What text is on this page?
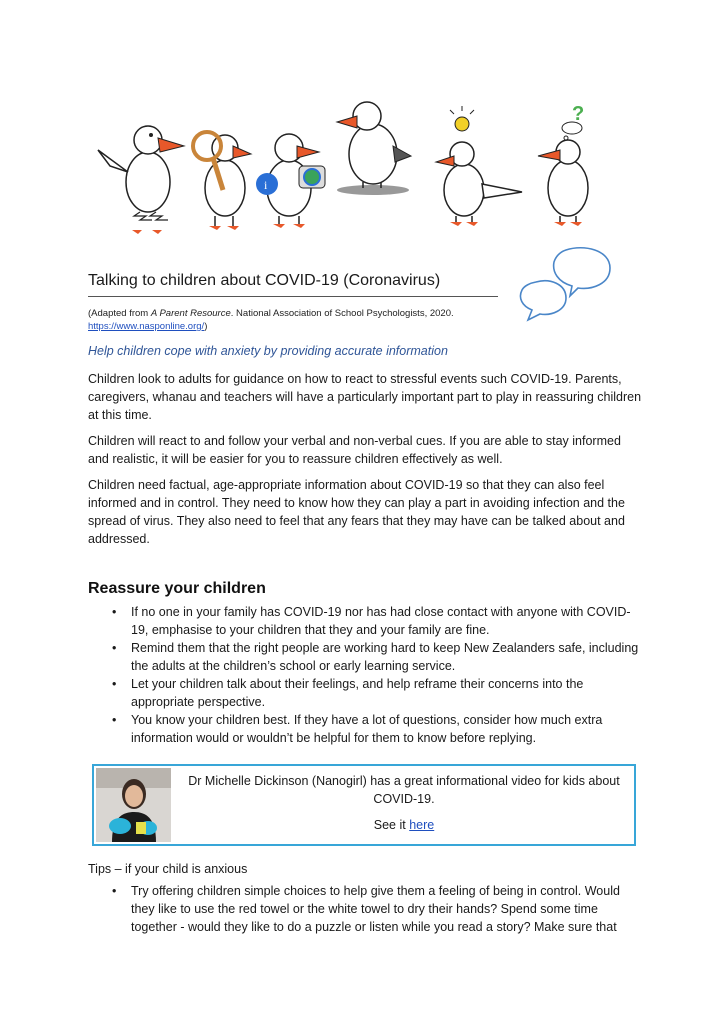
i
?
Talking to children about COVID-19 (Coronavirus)
(Adapted from A Parent Resource. National Association of School Psychologists, 2020.
https://www.nasponline.org/)
Help children cope with anxiety by providing accurate information

Children look to adults for guidance on how to react to stressful events such COVID-19. Parents, caregivers, whanau and teachers will have a particularly important part to play in reassuring children at this time.

Children will react to and follow your verbal and non-verbal cues. If you are able to stay informed and realistic, it will be easier for you to reassure children effectively as well.

Children need factual, age-appropriate information about COVID-19 so that they can also feel informed and in control. They need to know how they can play a part in avoiding infection and the spread of virus. They also need to feel that any fears that they may have can be talked about and addressed.

Reassure your children
• If no one in your family has COVID-19 nor has had close contact with anyone with COVID-19, emphasise to your children that they and your family are fine.
• Remind them that the right people are working hard to keep New Zealanders safe, including the adults at the children’s school or early learning service.
• Let your children talk about their feelings, and help reframe their concerns into the appropriate perspective.
• You know your children best. If they have a lot of questions, consider how much extra information would or wouldn’t be helpful for them to know before replying.
Dr Michelle Dickinson (Nanogirl) has a great informational video for kids about COVID-19.
See it here
Tips – if your child is anxious
• Try offering children simple choices to help give them a feeling of being in control. Would they like to use the red towel or the white towel to dry their hands? Spend some time together - would they like to do a puzzle or listen while you read a story? Make sure that
